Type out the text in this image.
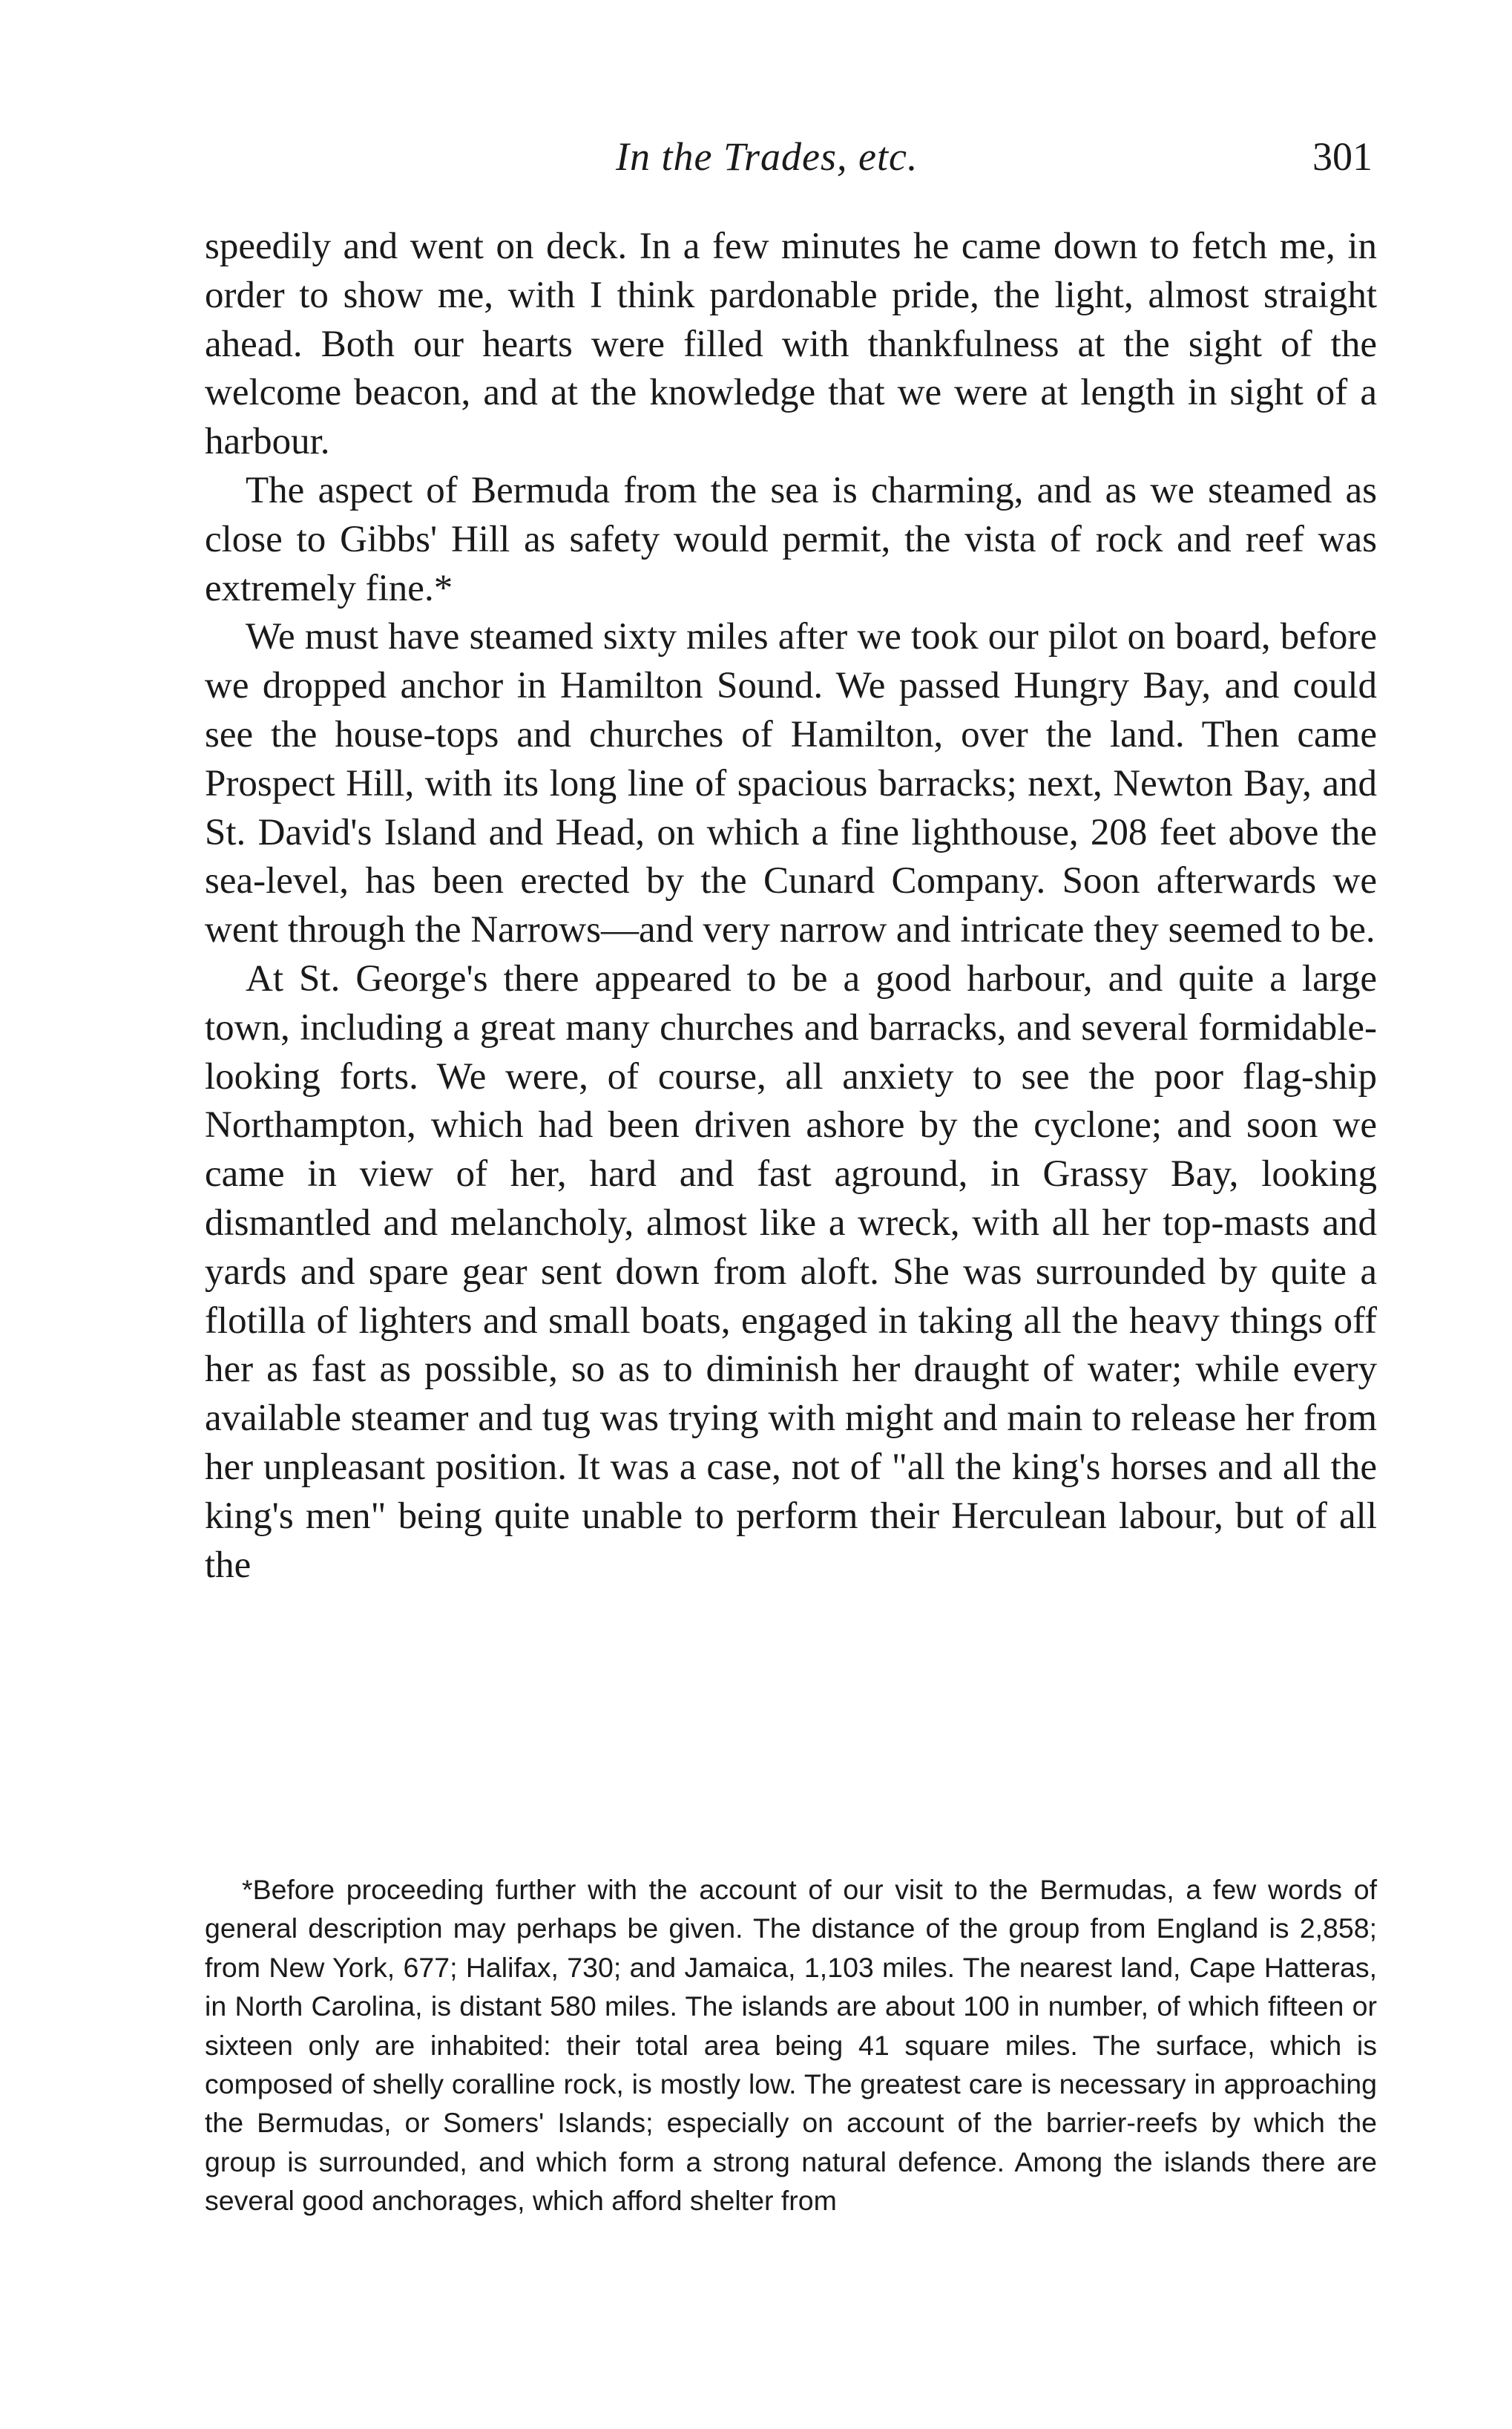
In the Trades, etc.	301

speedily and went on deck. In a few minutes he came down to fetch me, in order to show me, with I think pardonable pride, the light, almost straight ahead. Both our hearts were filled with thankfulness at the sight of the welcome beacon, and at the knowledge that we were at length in sight of a harbour.

The aspect of Bermuda from the sea is charming, and as we steamed as close to Gibbs' Hill as safety would permit, the vista of rock and reef was extremely fine.*

We must have steamed sixty miles after we took our pilot on board, before we dropped anchor in Hamilton Sound. We passed Hungry Bay, and could see the house-tops and churches of Hamilton, over the land. Then came Prospect Hill, with its long line of spacious barracks; next, Newton Bay, and St. David's Island and Head, on which a fine lighthouse, 208 feet above the sea-level, has been erected by the Cunard Company. Soon afterwards we went through the Narrows—and very narrow and intricate they seemed to be.

At St. George's there appeared to be a good harbour, and quite a large town, including a great many churches and barracks, and several formidable-looking forts. We were, of course, all anxiety to see the poor flag-ship Northampton, which had been driven ashore by the cyclone; and soon we came in view of her, hard and fast aground, in Grassy Bay, looking dismantled and melancholy, almost like a wreck, with all her top-masts and yards and spare gear sent down from aloft. She was surrounded by quite a flotilla of lighters and small boats, engaged in taking all the heavy things off her as fast as possible, so as to diminish her draught of water; while every available steamer and tug was trying with might and main to release her from her unpleasant position. It was a case, not of "all the king's horses and all the king's men" being quite unable to perform their Herculean labour, but of all the

*Before proceeding further with the account of our visit to the Bermudas, a few words of general description may perhaps be given. The distance of the group from England is 2,858; from New York, 677; Halifax, 730; and Jamaica, 1,103 miles. The nearest land, Cape Hatteras, in North Carolina, is distant 580 miles. The islands are about 100 in number, of which fifteen or sixteen only are inhabited: their total area being 41 square miles. The surface, which is composed of shelly coralline rock, is mostly low. The greatest care is necessary in approaching the Bermudas, or Somers' Islands; especially on account of the barrier-reefs by which the group is surrounded, and which form a strong natural defence. Among the islands there are several good anchorages, which afford shelter from
